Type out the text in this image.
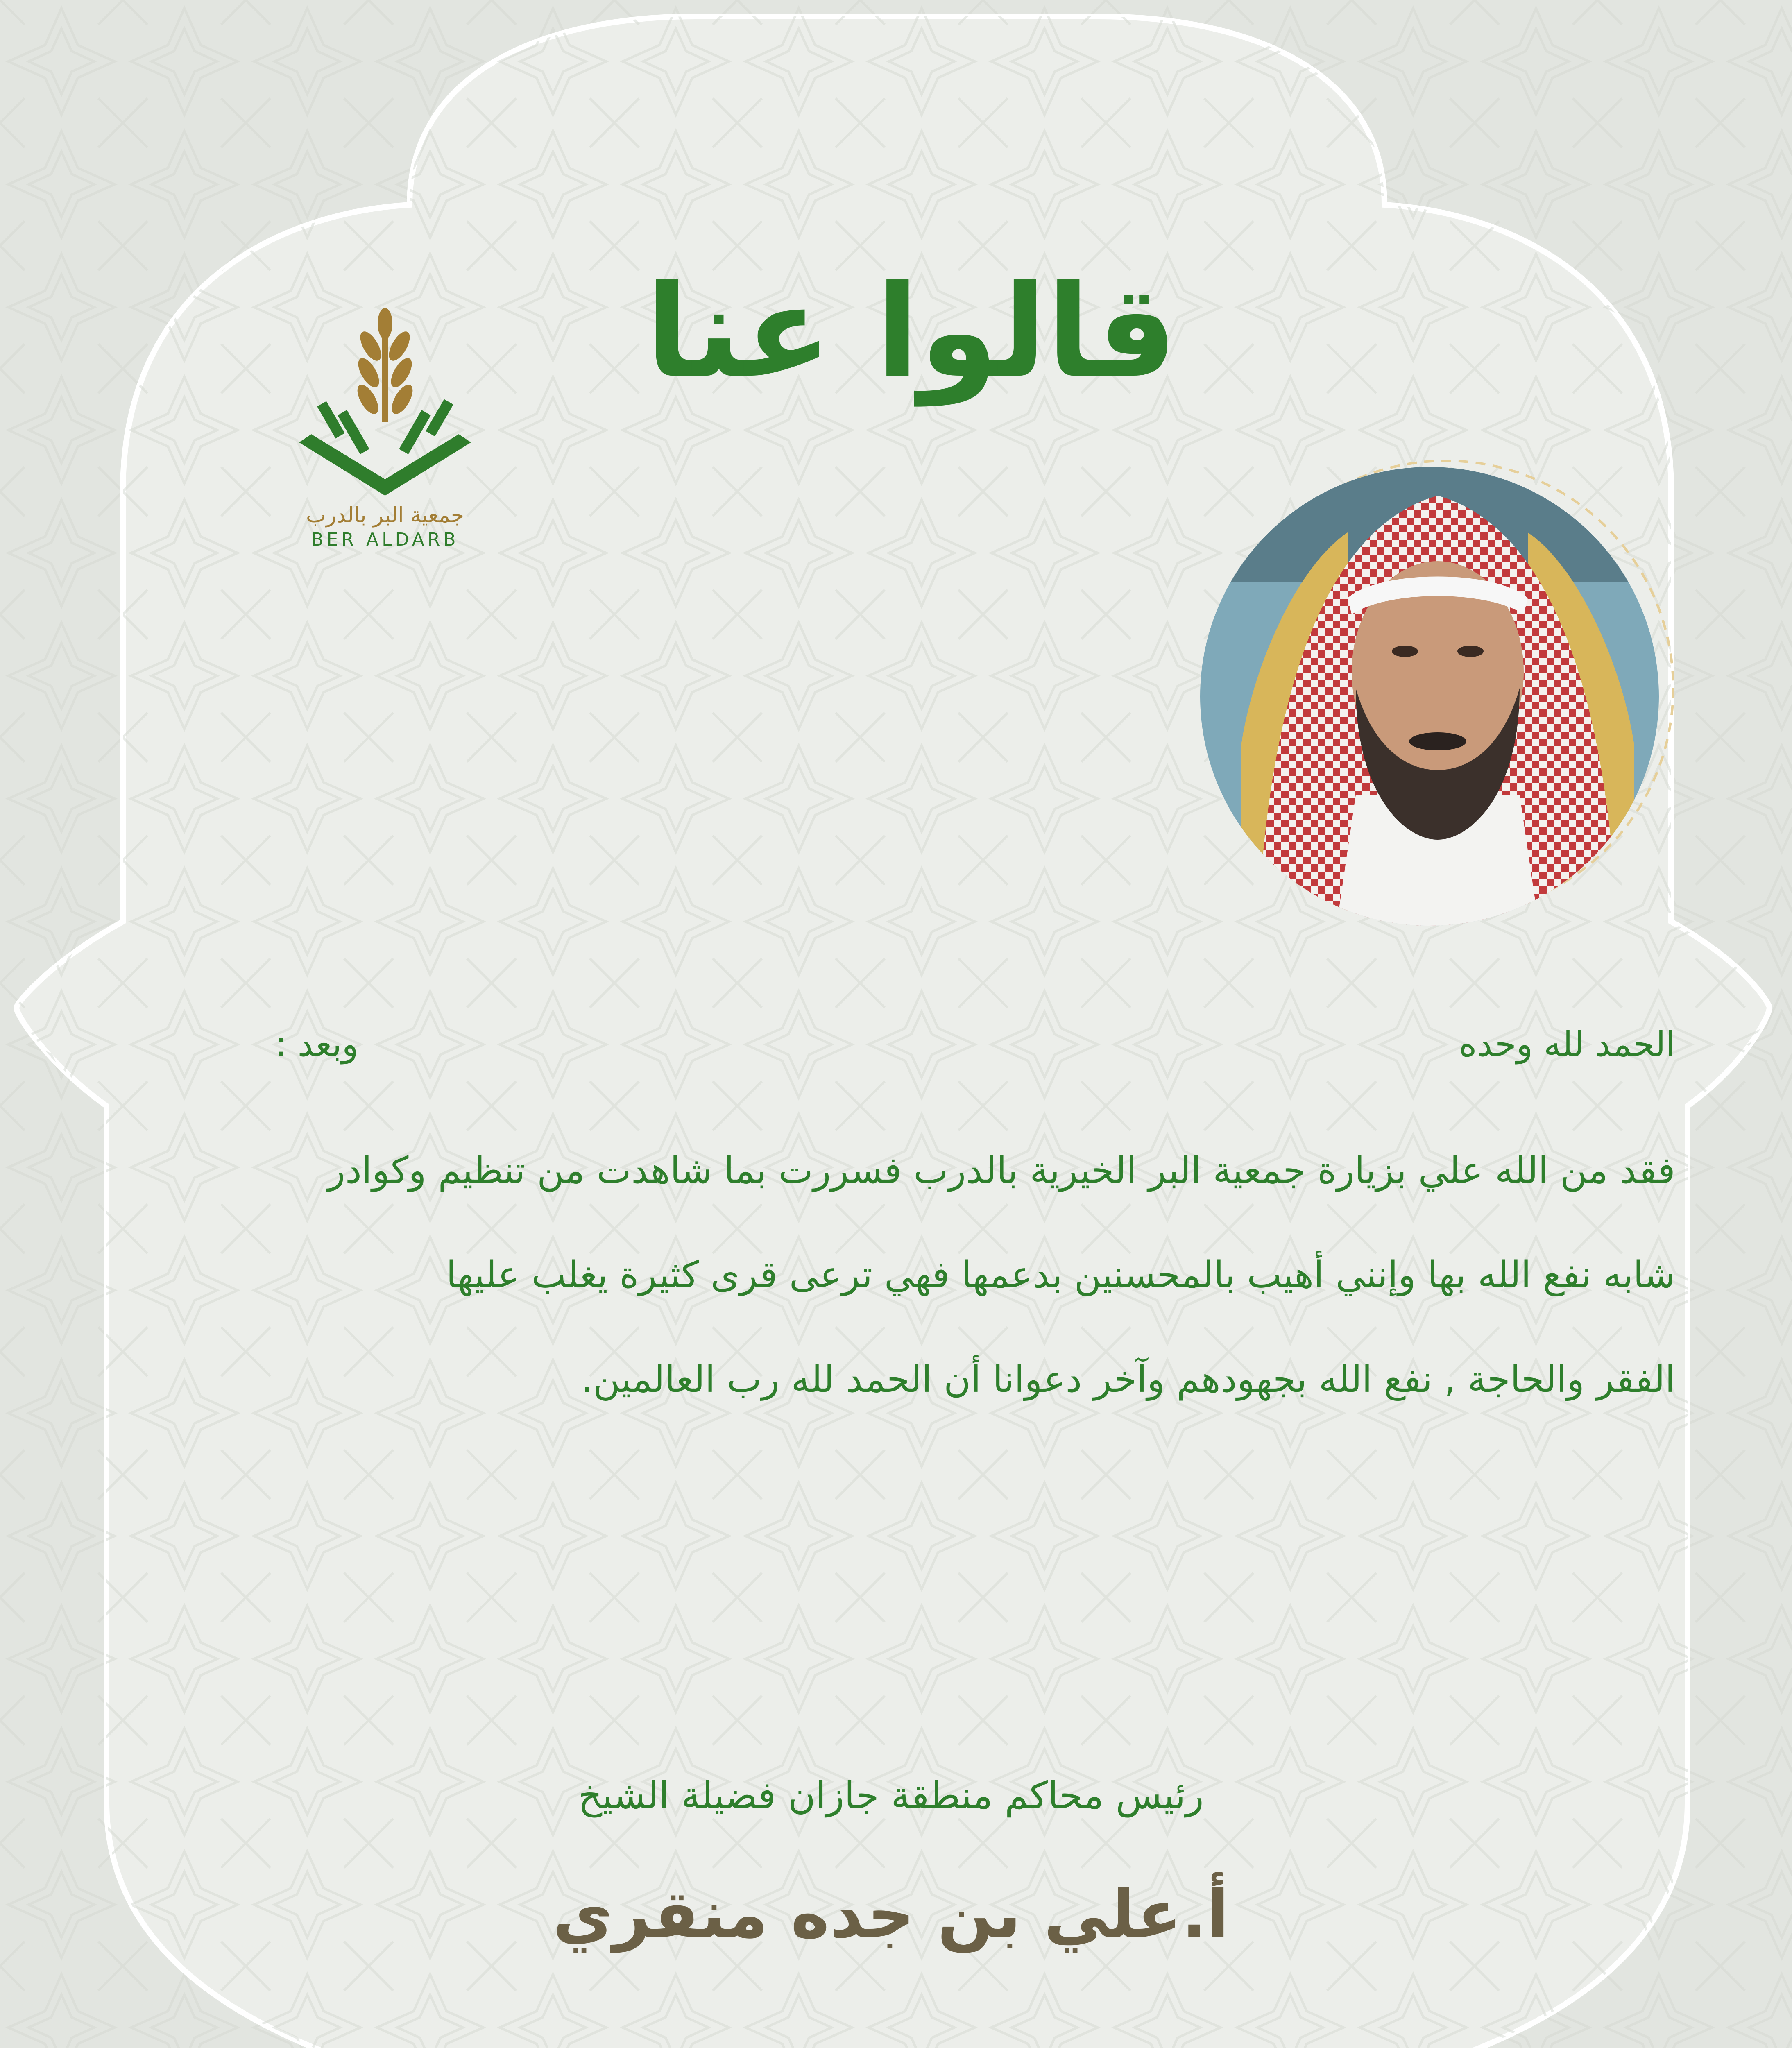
جمعية البر بالدرب
BER ALDARB
قالوا عنا
الحمد لله وحده
وبعد :
فقد من الله علي بزيارة جمعية البر الخيرية بالدرب فسررت بما شاهدت من تنظيم وكوادر
شابه نفع الله بها وإنني أهيب بالمحسنين بدعمها فهي ترعى قرى كثيرة يغلب عليها
الفقر والحاجة , نفع الله بجهودهم وآخر دعوانا أن الحمد لله رب العالمين.
رئيس محاكم منطقة جازان فضيلة الشيخ
أ.علي بن جده منقري
